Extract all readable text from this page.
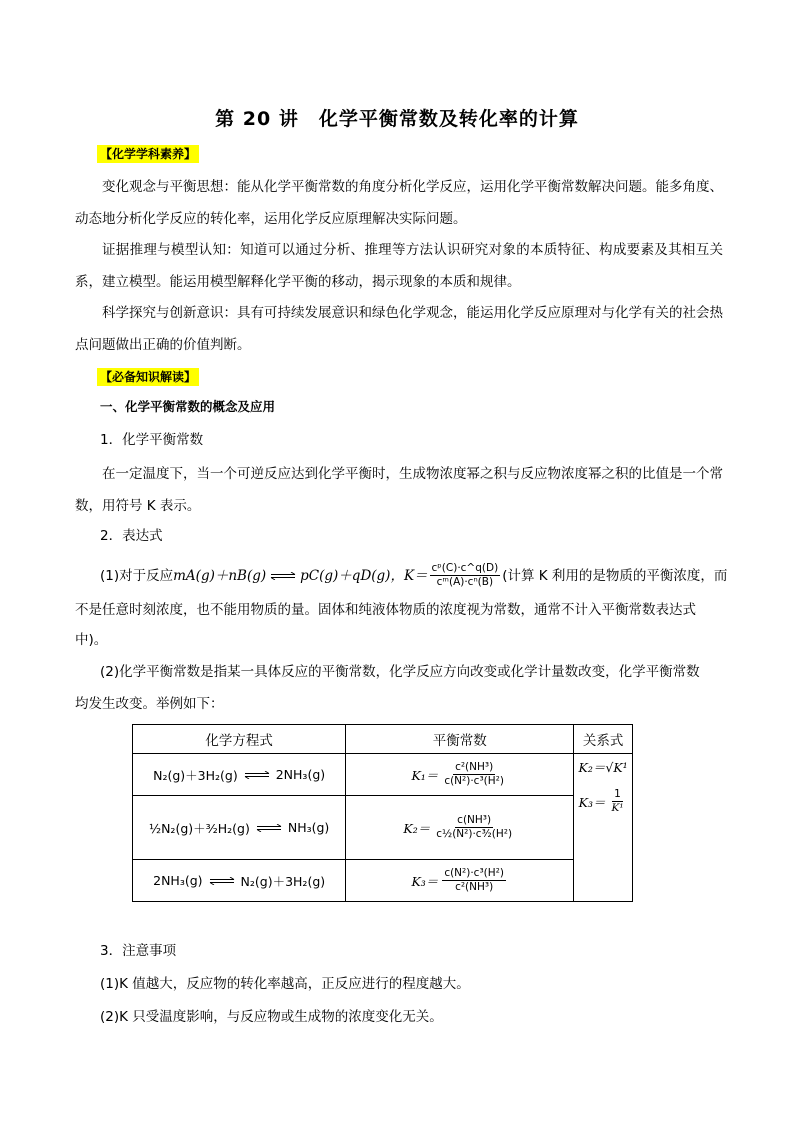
第 20 讲　化学平衡常数及转化率的计算
【化学学科素养】
变化观念与平衡思想：能从化学平衡常数的角度分析化学反应，运用化学平衡常数解决问题。能多角度、动态地分析化学反应的转化率，运用化学反应原理解决实际问题。
证据推理与模型认知：知道可以通过分析、推理等方法认识研究对象的本质特征、构成要素及其相互关系，建立模型。能运用模型解释化学平衡的移动，揭示现象的本质和规律。
科学探究与创新意识：具有可持续发展意识和绿色化学观念，能运用化学反应原理对与化学有关的社会热点问题做出正确的价值判断。
【必备知识解读】
一、化学平衡常数的概念及应用
1．化学平衡常数
在一定温度下，当一个可逆反应达到化学平衡时，生成物浓度幂之积与反应物浓度幂之积的比值是一个常数，用符号 K 表示。
2．表达式
(1)对于反应 mA(g)＋nB(g) ⇌ pC(g)＋qD(g)，$K= \frac{\text{cᵖ(C)·c\textasciicircum{}q(D)}}{\text{cᵐ(A)·cⁿ(B)}}$ (计算 K 利用的是物质的平衡浓度，而
不是任意时刻浓度，也不能用物质的量。固体和纯液体物质的浓度视为常数，通常不计入平衡常数表达式
中)。
(2)化学平衡常数是指某一具体反应的平衡常数，化学反应方向改变或化学计量数改变，化学平衡常数
均发生改变。举例如下：
化学方程式	平衡常数	关系式

N₂(g)＋3H₂(g) ⇌ 2NH₃(g)	$K_1= \frac{\text{c²(NH³)}}{\text{c(N²)·c³(H²)}}$	K₂＝√K¹
$K_3= \frac{1}{\text{K¹}}$

½N₂(g)＋³⁄₂H₂(g) ⇌ NH₃(g)	$K_2= \frac{\text{c(NH³)}}{\text{c½(N²)·c³⁄₂(H²)}}$

2NH₃(g) ⇌ N₂(g)＋3H₂(g)	$K_3= \frac{\text{c(N²)·c³(H²)}}{\text{c²(NH³)}}$
3．注意事项
(1)K 值越大，反应物的转化率越高，正反应进行的程度越大。
(2)K 只受温度影响，与反应物或生成物的浓度变化无关。
